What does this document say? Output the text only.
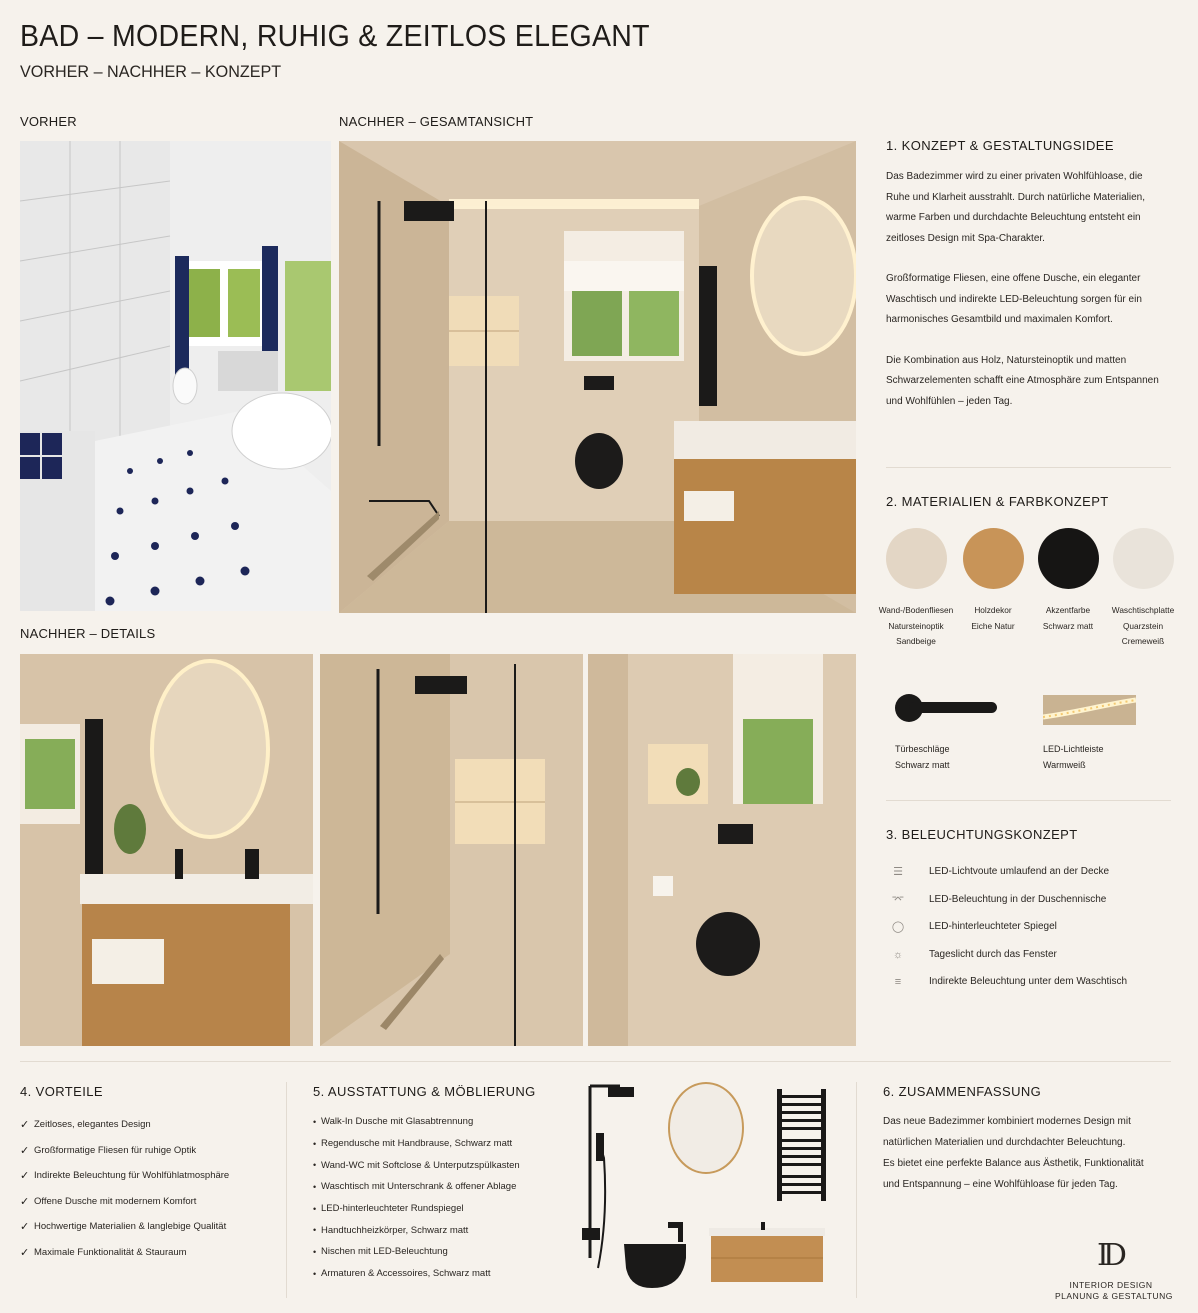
BAD – MODERN, RUHIG & ZEITLOS ELEGANT
VORHER – NACHHER – KONZEPT
VORHER	NACHHER – GESAMTANSICHT
NACHHER – DETAILS
1. KONZEPT & GESTALTUNGSIDEE

Das Badezimmer wird zu einer privaten Wohlfühloase, die Ruhe und Klarheit ausstrahlt. Durch natürliche Materialien, warme Farben und durchdachte Beleuchtung entsteht ein zeitloses Design mit Spa-Charakter.

Großformatige Fliesen, eine offene Dusche, ein eleganter Waschtisch und indirekte LED-Beleuchtung sorgen für ein harmonisches Gesamtbild und maximalen Komfort.

Die Kombination aus Holz, Natursteinoptik und matten Schwarzelementen schafft eine Atmosphäre zum Entspannen und Wohlfühlen – jeden Tag.

2. MATERIALIEN & FARBKONZEPT
Wand-/Bodenfliesen
Natursteinoptik
Sandbeige
Holzdekor
Eiche Natur
Akzentfarbe
Schwarz matt
Waschtischplatte
Quarzstein
Cremeweiß
Türbeschläge
Schwarz matt
LED-Lichtleiste
Warmweiß
3. BELEUCHTUNGSKONZEPT
☰	LED-Lichtvoute umlaufend an der Decke
⌤	LED-Beleuchtung in der Duschennische
◯	LED-hinterleuchteter Spiegel
☼	Tageslicht durch das Fenster
≡	Indirekte Beleuchtung unter dem Waschtisch
4. VORTEILE
✓ Zeitloses, elegantes Design
✓ Großformatige Fliesen für ruhige Optik
✓ Indirekte Beleuchtung für Wohlfühlatmosphäre
✓ Offene Dusche mit modernem Komfort
✓ Hochwertige Materialien & langlebige Qualität
✓ Maximale Funktionalität & Stauraum
5. AUSSTATTUNG & MÖBLIERUNG
• Walk-In Dusche mit Glasabtrennung
• Regendusche mit Handbrause, Schwarz matt
• Wand-WC mit Softclose & Unterputzspülkasten
• Waschtisch mit Unterschrank & offener Ablage
• LED-hinterleuchteter Rundspiegel
• Handtuchheizkörper, Schwarz matt
• Nischen mit LED-Beleuchtung
• Armaturen & Accessoires, Schwarz matt
6. ZUSAMMENFASSUNG
Das neue Badezimmer kombiniert modernes Design mit natürlichen Materialien und durchdachter Beleuchtung.
Es bietet eine perfekte Balance aus Ästhetik, Funktionalität und Entspannung – eine Wohlfühloase für jeden Tag.
ID
INTERIOR DESIGN
PLANUNG & GESTALTUNG
